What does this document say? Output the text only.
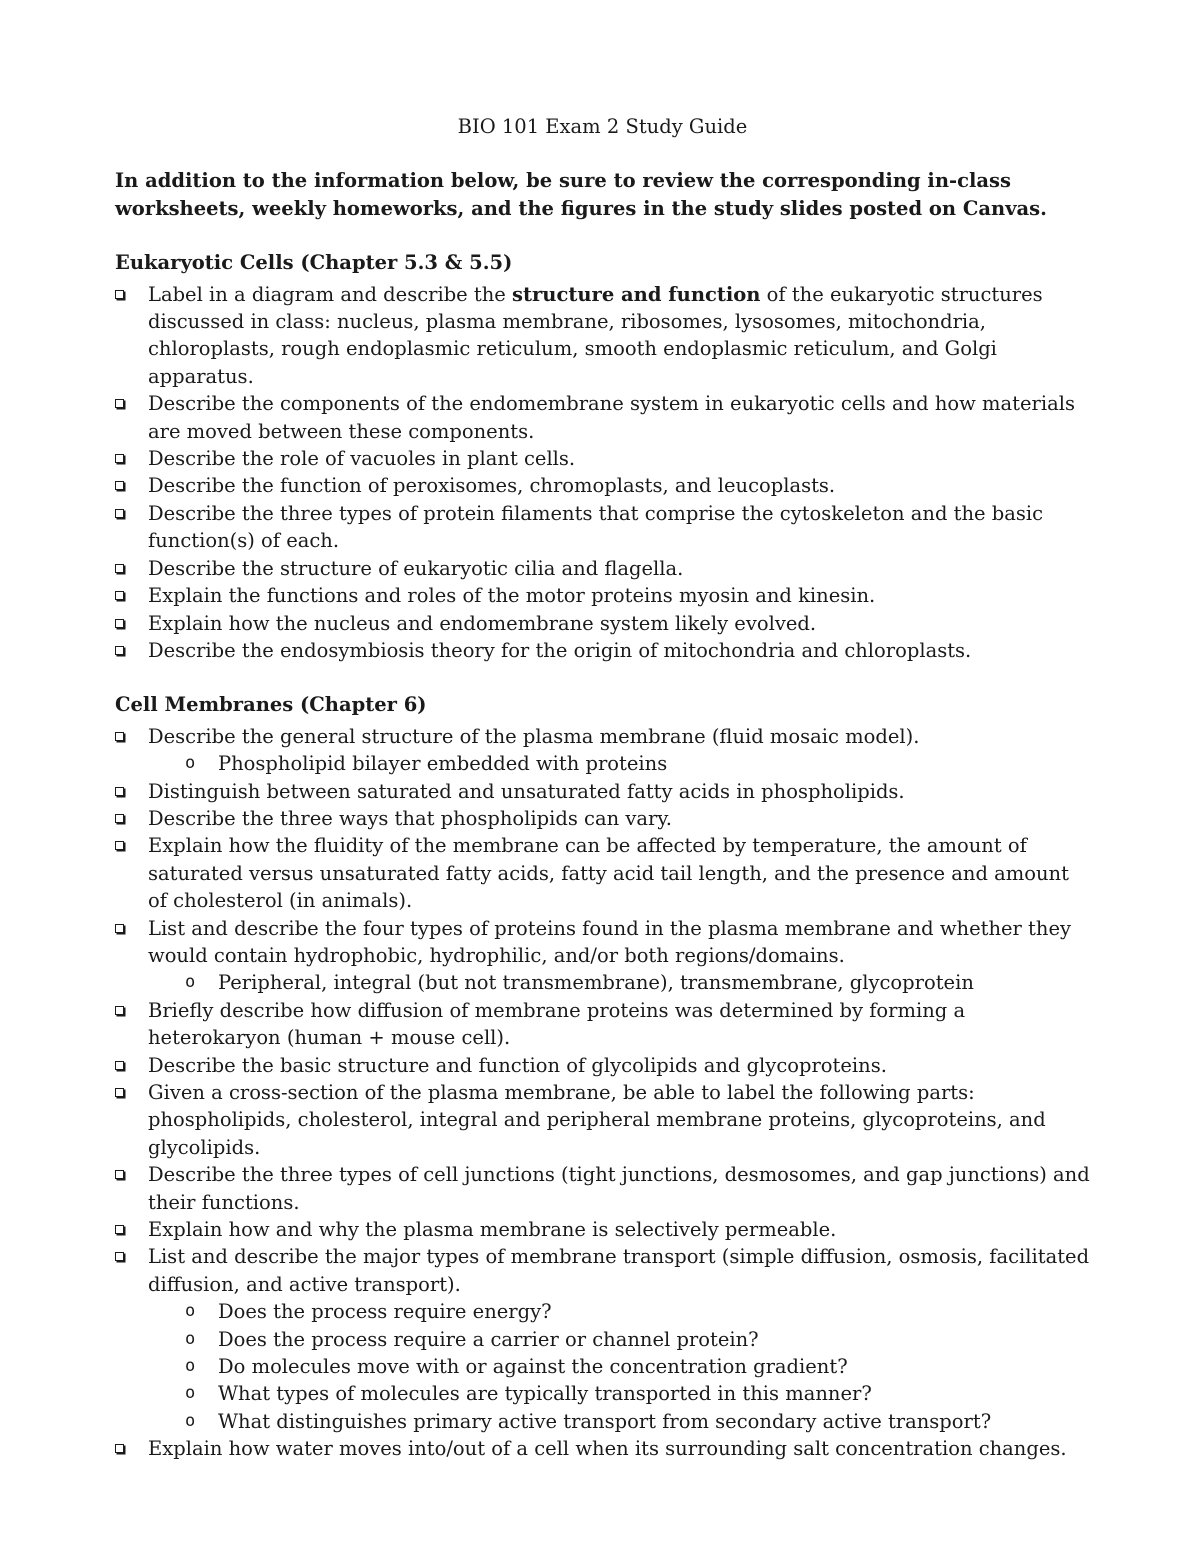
BIO 101 Exam 2 Study Guide

In addition to the information below, be sure to review the corresponding in-class worksheets, weekly homeworks, and the figures in the study slides posted on Canvas.

Eukaryotic Cells (Chapter 5.3 & 5.5)
Label in a diagram and describe the structure and function of the eukaryotic structures discussed in class: nucleus, plasma membrane, ribosomes, lysosomes, mitochondria, chloroplasts, rough endoplasmic reticulum, smooth endoplasmic reticulum, and Golgi apparatus.
Describe the components of the endomembrane system in eukaryotic cells and how materials are moved between these components.
Describe the role of vacuoles in plant cells.
Describe the function of peroxisomes, chromoplasts, and leucoplasts.
Describe the three types of protein filaments that comprise the cytoskeleton and the basic function(s) of each.
Describe the structure of eukaryotic cilia and flagella.
Explain the functions and roles of the motor proteins myosin and kinesin.
Explain how the nucleus and endomembrane system likely evolved.
Describe the endosymbiosis theory for the origin of mitochondria and chloroplasts.
Cell Membranes (Chapter 6)
Describe the general structure of the plasma membrane (fluid mosaic model).
o Phospholipid bilayer embedded with proteins
Distinguish between saturated and unsaturated fatty acids in phospholipids.
Describe the three ways that phospholipids can vary.
Explain how the fluidity of the membrane can be affected by temperature, the amount of saturated versus unsaturated fatty acids, fatty acid tail length, and the presence and amount of cholesterol (in animals).
List and describe the four types of proteins found in the plasma membrane and whether they would contain hydrophobic, hydrophilic, and/or both regions/domains.
o Peripheral, integral (but not transmembrane), transmembrane, glycoprotein
Briefly describe how diffusion of membrane proteins was determined by forming a heterokaryon (human + mouse cell).
Describe the basic structure and function of glycolipids and glycoproteins.
Given a cross-section of the plasma membrane, be able to label the following parts: phospholipids, cholesterol, integral and peripheral membrane proteins, glycoproteins, and glycolipids.
Describe the three types of cell junctions (tight junctions, desmosomes, and gap junctions) and their functions.
Explain how and why the plasma membrane is selectively permeable.
List and describe the major types of membrane transport (simple diffusion, osmosis, facilitated diffusion, and active transport).
o Does the process require energy?
o Does the process require a carrier or channel protein?
o Do molecules move with or against the concentration gradient?
o What types of molecules are typically transported in this manner?
o What distinguishes primary active transport from secondary active transport?
Explain how water moves into/out of a cell when its surrounding salt concentration changes.
